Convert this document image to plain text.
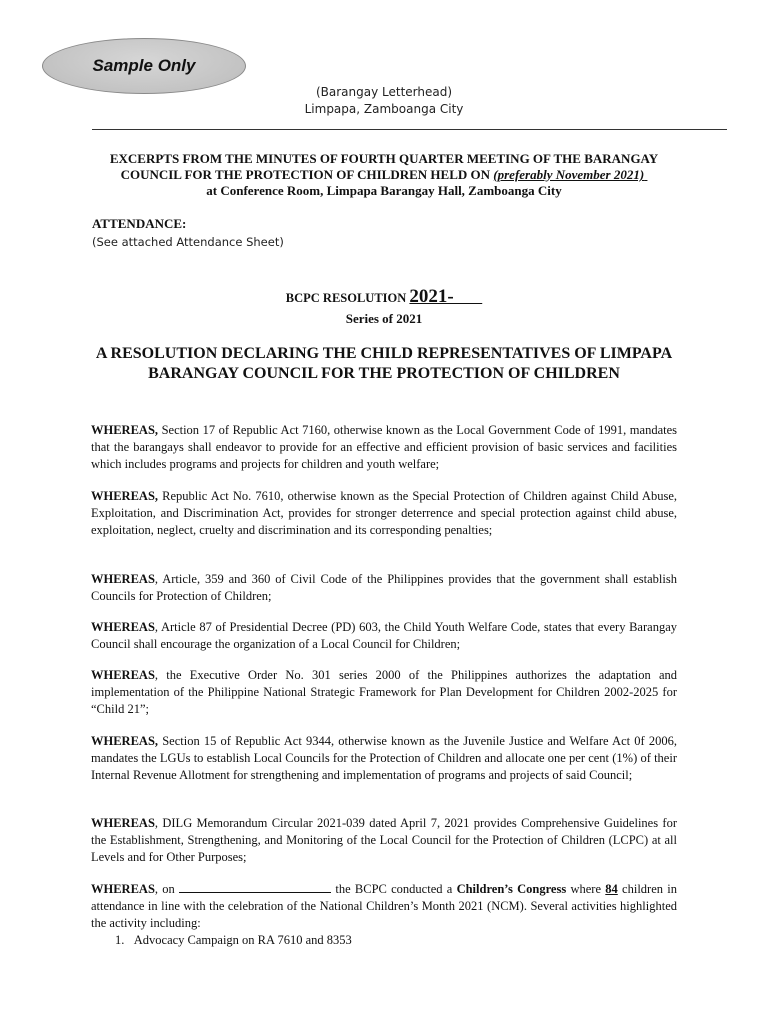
Sample Only
(Barangay Letterhead)
Limpapa, Zamboanga City
EXCERPTS FROM THE MINUTES OF FOURTH QUARTER MEETING OF THE BARANGAY
COUNCIL FOR THE PROTECTION OF CHILDREN HELD ON (preferably November 2021)
at Conference Room, Limpapa Barangay Hall, Zamboanga City
ATTENDANCE:
(See attached Attendance Sheet)
BCPC RESOLUTION 2021-
Series of 2021
A RESOLUTION DECLARING THE CHILD REPRESENTATIVES OF LIMPAPA BARANGAY COUNCIL FOR THE PROTECTION OF CHILDREN
WHEREAS, Section 17 of Republic Act 7160, otherwise known as the Local Government Code of 1991, mandates that the barangays shall endeavor to provide for an effective and efficient provision of basic services and facilities which includes programs and projects for children and youth welfare;
WHEREAS, Republic Act No. 7610, otherwise known as the Special Protection of Children against Child Abuse, Exploitation, and Discrimination Act, provides for stronger deterrence and special protection against child abuse, exploitation, neglect, cruelty and discrimination and its corresponding penalties;
WHEREAS, Article, 359 and 360 of Civil Code of the Philippines provides that the government shall establish Councils for Protection of Children;
WHEREAS, Article 87 of Presidential Decree (PD) 603, the Child Youth Welfare Code, states that every Barangay Council shall encourage the organization of a Local Council for Children;
WHEREAS, the Executive Order No. 301 series 2000 of the Philippines authorizes the adaptation and implementation of the Philippine National Strategic Framework for Plan Development for Children 2002-2025 for “Child 21”;
WHEREAS, Section 15 of Republic Act 9344, otherwise known as the Juvenile Justice and Welfare Act 0f 2006, mandates the LGUs to establish Local Councils for the Protection of Children and allocate one per cent (1%) of their Internal Revenue Allotment for strengthening and implementation of programs and projects of said Council;
WHEREAS, DILG Memorandum Circular 2021-039 dated April 7, 2021 provides Comprehensive Guidelines for the Establishment, Strengthening, and Monitoring of the Local Council for the Protection of Children (LCPC) at all Levels and for Other Purposes;
WHEREAS, on	the BCPC conducted a Children’s Congress where 84 children in attendance in line with the celebration of the National Children’s Month 2021 (NCM). Several activities highlighted the activity including:
1. Advocacy Campaign on RA 7610 and 8353
